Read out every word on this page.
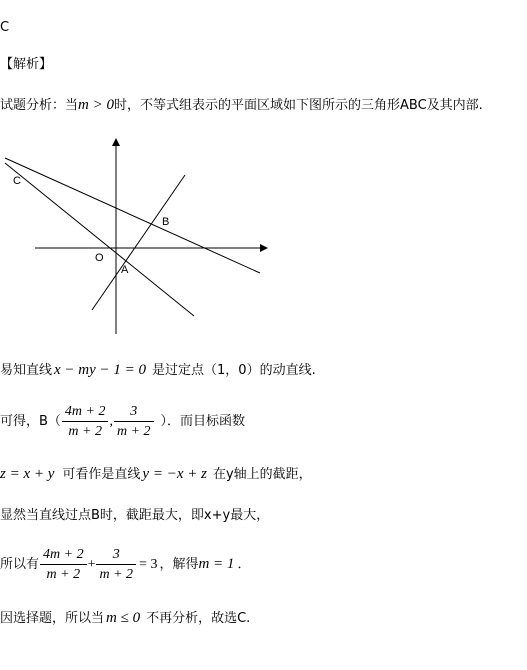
C
【解析】
试题分析：当m > 0时，不等式组表示的平面区域如下图所示的三角形ABC及其内部.
C
B
O
A
易知直线 x − my − 1 = 0 是过定点（1，0）的动直线.
可得，$B( \frac{4m + 2}{m + 2}$ , $\frac{3}{m + 2}$ ）．而目标函数
z = x + y 可看作是直线 y = −x + z 在y轴上的截距，
显然当直线过点B时，截距最大，即x+y最大，
所以有 $\frac{4m + 2}{m + 2} + \frac{3}{m + 2} = 3$ ，解得m = 1 ．
因选择题，所以当 m ≤ 0 不再分析，故选C.
